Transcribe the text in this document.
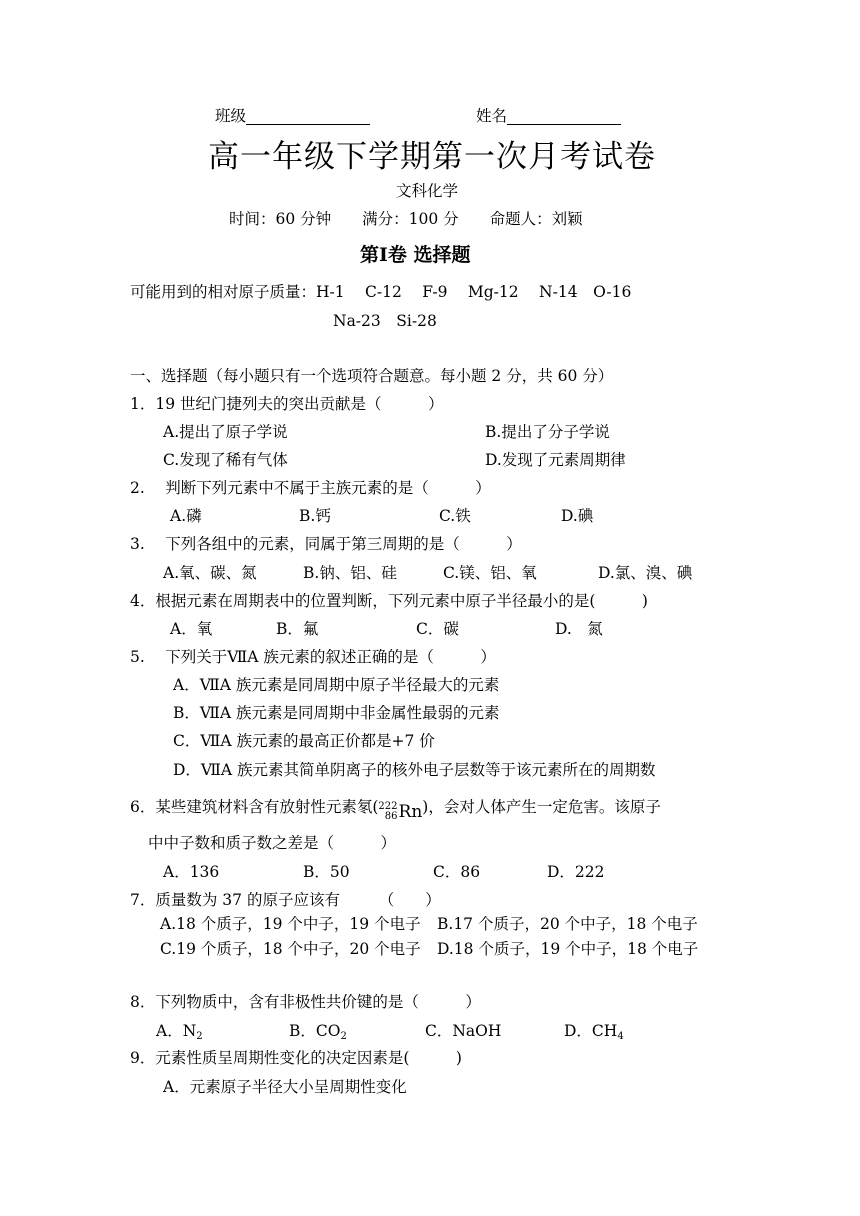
班级	姓名
高一年级下学期第一次月考试卷
文科化学
时间：60 分钟　　满分：100 分　　命题人：刘颖
第Ⅰ卷 选择题
可能用到的相对原子质量：H-1　 C-12　 F-9 　Mg-12　 N-14　O-16
Na-23　Si-28
一、选择题（每小题只有一个选项符合题意。每小题 2 分，共 60 分）
1．19 世纪门捷列夫的突出贡献是（　　　）
A.提出了原子学说	B.提出了分子学说
C.发现了稀有气体	D.发现了元素周期律
2.　 判断下列元素中不属于主族元素的是（　　　）
A.磷	B.钙	C.铁	D.碘
3.　 下列各组中的元素，同属于第三周期的是（　　　）
A.氧、碳、氮	B.钠、铝、硅	C.镁、铝、氧	D.氯、溴、碘
4．根据元素在周期表中的位置判断，下列元素中原子半径最小的是(　　　)
A．氧	B．氟	C．碳	D.　氮
5.　 下列关于ⅦA 族元素的叙述正确的是（　　　）
A．ⅦA 族元素是同周期中原子半径最大的元素
B．ⅦA 族元素是同周期中非金属性最弱的元素
C．ⅦA 族元素的最高正价都是+7 价
D．ⅦA 族元素其简单阴离子的核外电子层数等于该元素所在的周期数
6．某些建筑材料含有放射性元素氡( 222
86 Rn )，会对人体产生一定危害。该原子
中中子数和质子数之差是（　　　）
A．136	B．50	C．86	D．222
7．质量数为 37 的原子应该有　　　（　　）
A.18 个质子，19 个中子，19 个电子 B.17 个质子，20 个中子，18 个电子
C.19 个质子，18 个中子，20 个电子 D.18 个质子，19 个中子，18 个电子
8．下列物质中，含有非极性共价键的是（　　　）
A．N2	B．CO2	C．NaOH	D．CH4
9．元素性质呈周期性变化的决定因素是(　　　)
A．元素原子半径大小呈周期性变化
